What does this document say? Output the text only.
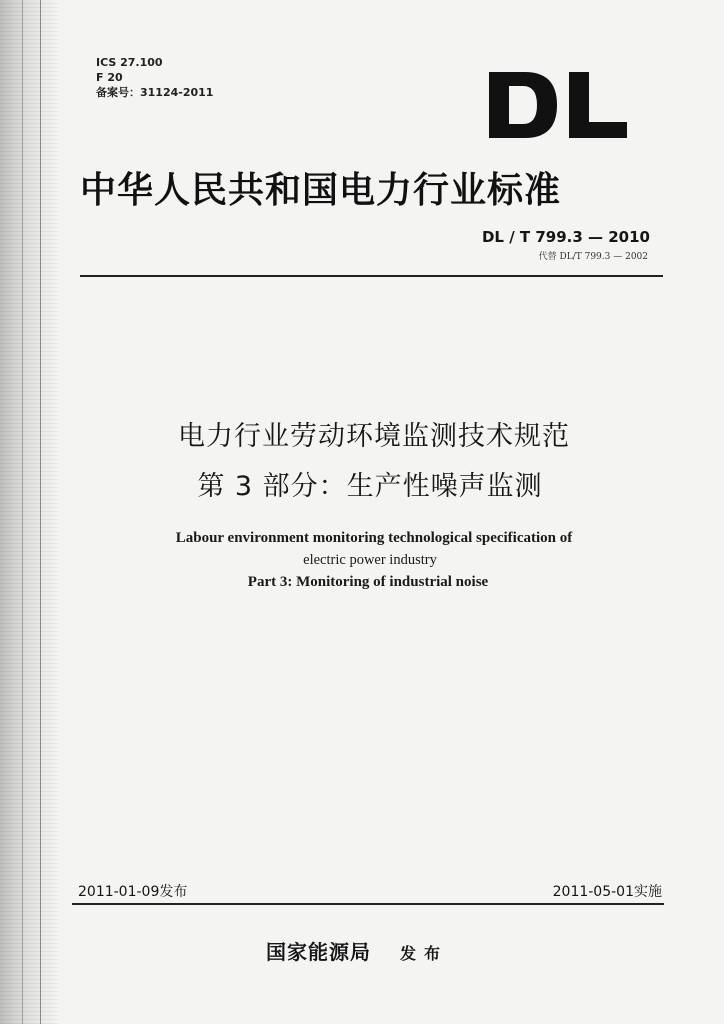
ICS 27.100
F 20
备案号：31124-2011
中华人民共和国电力行业标准
DL / T 799.3 — 2010
代替 DL/T 799.3 — 2002
电力行业劳动环境监测技术规范
第 3 部分：生产性噪声监测
Labour environment monitoring technological specification of
electric power industry
Part 3: Monitoring of industrial noise
2011-01-09发布	2011-05-01实施
国家能源局 发布
